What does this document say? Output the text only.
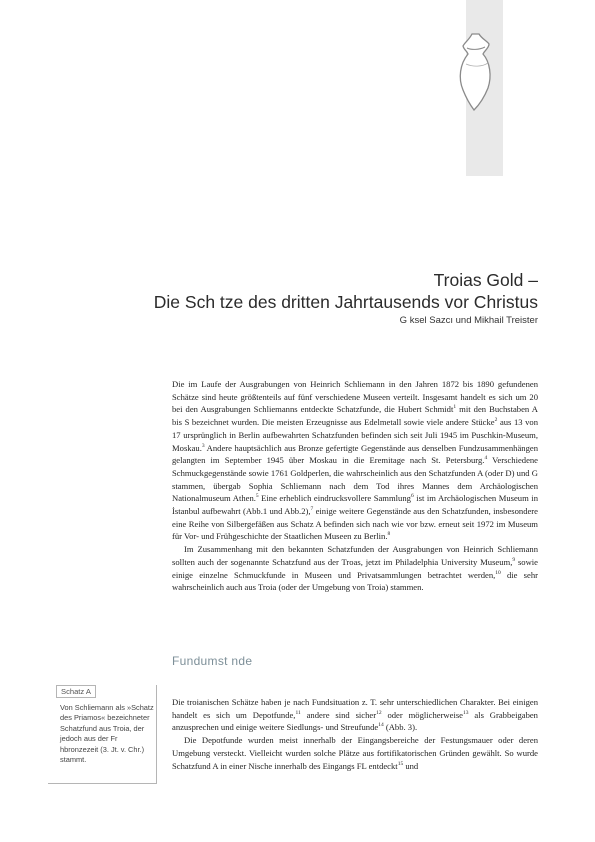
Troias Gold –
Die Sch tze des dritten Jahrtausends vor Christus
G ksel Sazcı und Mikhail Treister

Die im Laufe der Ausgrabungen von Heinrich Schliemann in den Jahren 1872 bis 1890 gefundenen Schätze sind heute größtenteils auf fünf verschiedene Museen verteilt. Insgesamt handelt es sich um 20 bei den Ausgrabungen Schliemanns entdeckte Schatzfunde, die Hubert Schmidt$^1$ mit den Buchstaben A bis S bezeichnet wurden. Die meisten Erzeugnisse aus Edelmetall sowie viele andere Stücke$^2$ aus 13 von 17 ursprünglich in Berlin aufbewahrten Schatzfunden befinden sich seit Juli 1945 im Puschkin-Museum, Moskau.$^3$ Andere hauptsächlich aus Bronze gefertigte Gegenstände aus denselben Fundzusammenhängen gelangten im September 1945 über Moskau in die Eremitage nach St. Petersburg.$^4$ Verschiedene Schmuckgegenstände sowie 1761 Goldperlen, die wahrscheinlich aus den Schatzfunden A (oder D) und G stammen, übergab Sophia Schliemann nach dem Tod ihres Mannes dem Archäologischen Nationalmuseum Athen.$^5$ Eine erheblich eindrucksvollere Sammlung$^6$ ist im Archäologischen Museum in İstanbul aufbewahrt (Abb.1 und Abb.2),$^7$ einige weitere Gegenstände aus den Schatzfunden, insbesondere eine Reihe von Silbergefäßen aus Schatz A befinden sich nach wie vor bzw. erneut seit 1972 im Museum für Vor- und Frühgeschichte der Staatlichen Museen zu Berlin.$^8$

Im Zusammenhang mit den bekannten Schatzfunden der Ausgrabungen von Heinrich Schliemann sollten auch der sogenannte Schatzfund aus der Troas, jetzt im Philadelphia University Museum,$^9$ sowie einige einzelne Schmuckfunde in Museen und Privatsammlungen betrachtet werden,$^{10}$ die sehr wahrscheinlich auch aus Troia (oder der Umgebung von Troia) stammen.

Fundumst nde

Die troianischen Schätze haben je nach Fundsituation z. T. sehr unterschiedlichen Charakter. Bei einigen handelt es sich um Depotfunde,$^{11}$ andere sind sicher$^{12}$ oder möglicherweise$^{13}$ als Grabbeigaben anzusprechen und einige weitere Siedlungs- und Streufunde$^{14}$ (Abb. 3).

Die Depotfunde wurden meist innerhalb der Eingangsbereiche der Festungsmauer oder deren Umgebung versteckt. Vielleicht wurden solche Plätze aus fortifikatorischen Gründen gewählt. So wurde Schatzfund A in einer Nische innerhalb des Eingangs FL entdeckt$^{15}$ und

Schatz A
Von Schliemann als »Schatz des Priamos« bezeichneter Schatzfund aus Troia, der jedoch aus der Fr hbronzezeit (3. Jt. v. Chr.) stammt.
